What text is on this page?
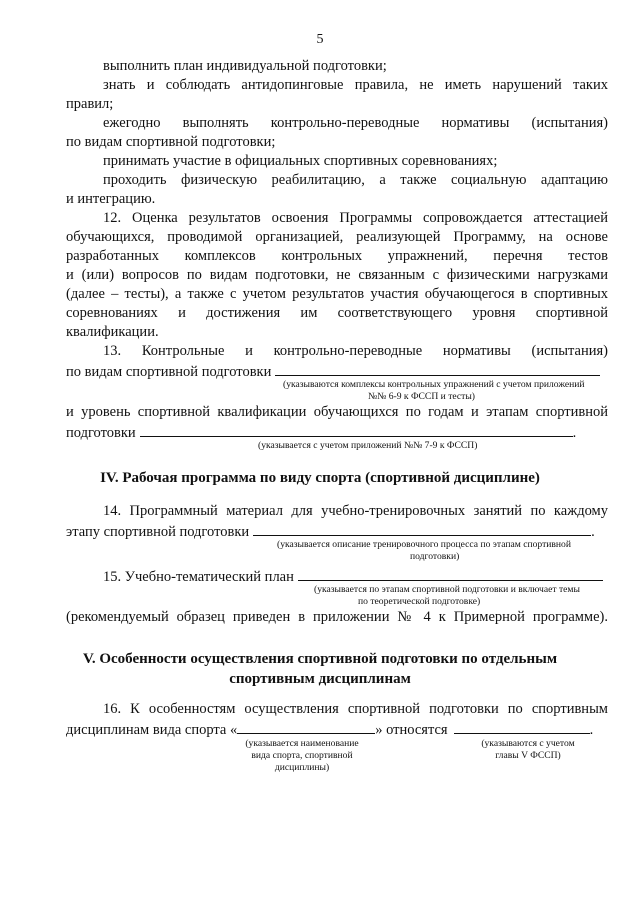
5
выполнить план индивидуальной подготовки;
знать и соблюдать антидопинговые правила, не иметь нарушений таких
правил;
ежегодно выполнять контрольно-переводные нормативы (испытания)
по видам спортивной подготовки;
принимать участие в официальных спортивных соревнованиях;
проходить физическую реабилитацию, а также социальную адаптацию
и интеграцию.
12. Оценка результатов освоения Программы сопровождается аттестацией
обучающихся, проводимой организацией, реализующей Программу, на основе
разработанных комплексов контрольных упражнений, перечня тестов
и (или) вопросов по видам подготовки, не связанным с физическими нагрузками
(далее – тесты), а также с учетом результатов участия обучающегося в спортивных
соревнованиях и достижения им соответствующего уровня спортивной
квалификации.
13. Контрольные и контрольно-переводные нормативы (испытания)
по видам спортивной подготовки
(указываются комплексы контрольных упражнений с учетом приложений
№№ 6-9 к ФССП и тесты)
и уровень спортивной квалификации обучающихся по годам и этапам спортивной
подготовки	.
(указывается с учетом приложений №№ 7-9 к ФССП)
IV. Рабочая программа по виду спорта (спортивной дисциплине)
14. Программный материал для учебно-тренировочных занятий по каждому
этапу спортивной подготовки	.
(указывается описание тренировочного процесса по этапам спортивной
подготовки)
15. Учебно-тематический план
(указывается по этапам спортивной подготовки и включает темы
по теоретической подготовке)
(рекомендуемый образец приведен в приложении № 4 к Примерной программе).
V. Особенности осуществления спортивной подготовки по отдельным
спортивным дисциплинам
16. К особенностям осуществления спортивной подготовки по спортивным
дисциплинам вида спорта «	» относятся	.
(указывается наименование
вида спорта, спортивной
дисциплины)
(указываются с учетом
главы V ФССП)
